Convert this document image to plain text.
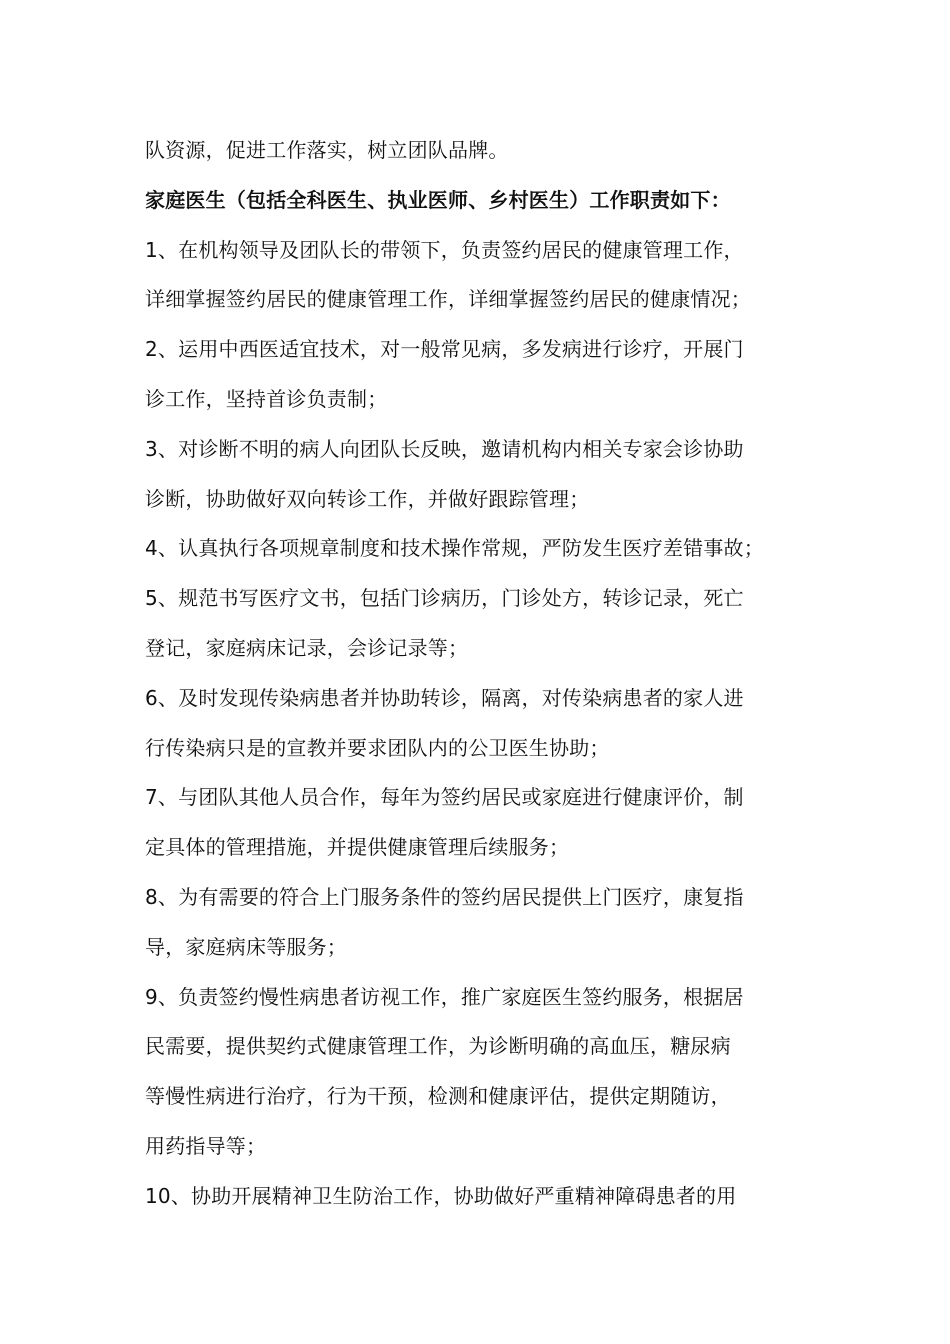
队资源，促进工作落实，树立团队品牌。
家庭医生（包括全科医生、执业医师、乡村医生）工作职责如下：
1、在机构领导及团队长的带领下，负责签约居民的健康管理工作，
详细掌握签约居民的健康管理工作，详细掌握签约居民的健康情况；
2、运用中西医适宜技术，对一般常见病，多发病进行诊疗，开展门
诊工作，坚持首诊负责制；
3、对诊断不明的病人向团队长反映，邀请机构内相关专家会诊协助
诊断，协助做好双向转诊工作，并做好跟踪管理；
4、认真执行各项规章制度和技术操作常规，严防发生医疗差错事故；
5、规范书写医疗文书，包括门诊病历，门诊处方，转诊记录，死亡
登记，家庭病床记录，会诊记录等；
6、及时发现传染病患者并协助转诊，隔离，对传染病患者的家人进
行传染病只是的宣教并要求团队内的公卫医生协助；
7、与团队其他人员合作，每年为签约居民或家庭进行健康评价，制
定具体的管理措施，并提供健康管理后续服务；
8、为有需要的符合上门服务条件的签约居民提供上门医疗，康复指
导，家庭病床等服务；
9、负责签约慢性病患者访视工作，推广家庭医生签约服务，根据居
民需要，提供契约式健康管理工作，为诊断明确的高血压，糖尿病
等慢性病进行治疗，行为干预，检测和健康评估，提供定期随访，
用药指导等；
10、协助开展精神卫生防治工作，协助做好严重精神障碍患者的用
